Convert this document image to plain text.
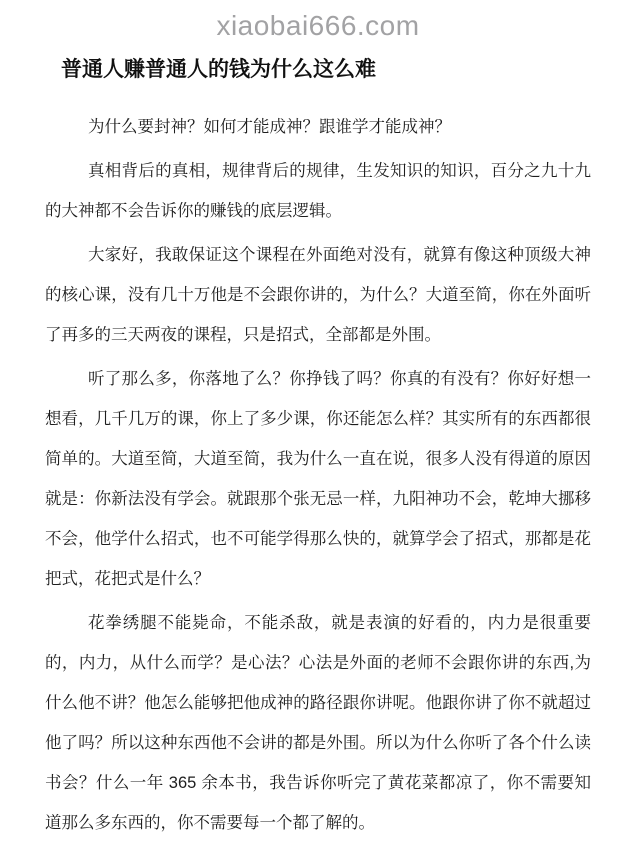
xiaobai666.com
普通人赚普通人的钱为什么这么难

为什么要封神？如何才能成神？跟谁学才能成神？

真相背后的真相，规律背后的规律，生发知识的知识，百分之九十九的大神都不会告诉你的赚钱的底层逻辑。

大家好，我敢保证这个课程在外面绝对没有，就算有像这种顶级大神的核心课，没有几十万他是不会跟你讲的，为什么？大道至简，你在外面听了再多的三天两夜的课程，只是招式，全部都是外围。

听了那么多，你落地了么？你挣钱了吗？你真的有没有？你好好想一想看，几千几万的课，你上了多少课，你还能怎么样？其实所有的东西都很简单的。大道至简，大道至简，我为什么一直在说，很多人没有得道的原因就是：你新法没有学会。就跟那个张无忌一样，九阳神功不会，乾坤大挪移不会，他学什么招式，也不可能学得那么快的，就算学会了招式，那都是花把式，花把式是什么？

花拳绣腿不能毙命，不能杀敌，就是表演的好看的，内力是很重要的，内力，从什么而学？是心法？心法是外面的老师不会跟你讲的东西,为什么他不讲？他怎么能够把他成神的路径跟你讲呢。他跟你讲了你不就超过他了吗？所以这种东西他不会讲的都是外围。所以为什么你听了各个什么读书会？什么一年 365 余本书，我告诉你听完了黄花菜都凉了，你不需要知道那么多东西的，你不需要每一个都了解的。
